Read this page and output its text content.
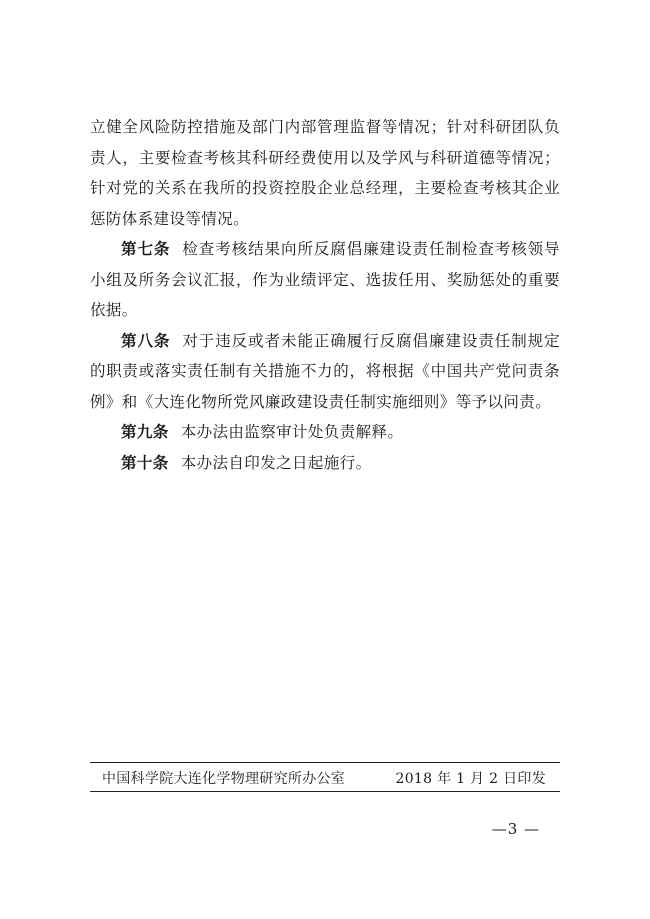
立健全风险防控措施及部门内部管理监督等情况；针对科研团队负责人，主要检查考核其科研经费使用以及学风与科研道德等情况；针对党的关系在我所的投资控股企业总经理，主要检查考核其企业惩防体系建设等情况。

第七条 检查考核结果向所反腐倡廉建设责任制检查考核领导小组及所务会议汇报，作为业绩评定、选拔任用、奖励惩处的重要依据。

第八条 对于违反或者未能正确履行反腐倡廉建设责任制规定的职责或落实责任制有关措施不力的，将根据《中国共产党问责条例》和《大连化物所党风廉政建设责任制实施细则》等予以问责。

第九条 本办法由监察审计处负责解释。

第十条 本办法自印发之日起施行。

中国科学院大连化学物理研究所办公室	2018 年 1 月 2 日印发
—3 —
